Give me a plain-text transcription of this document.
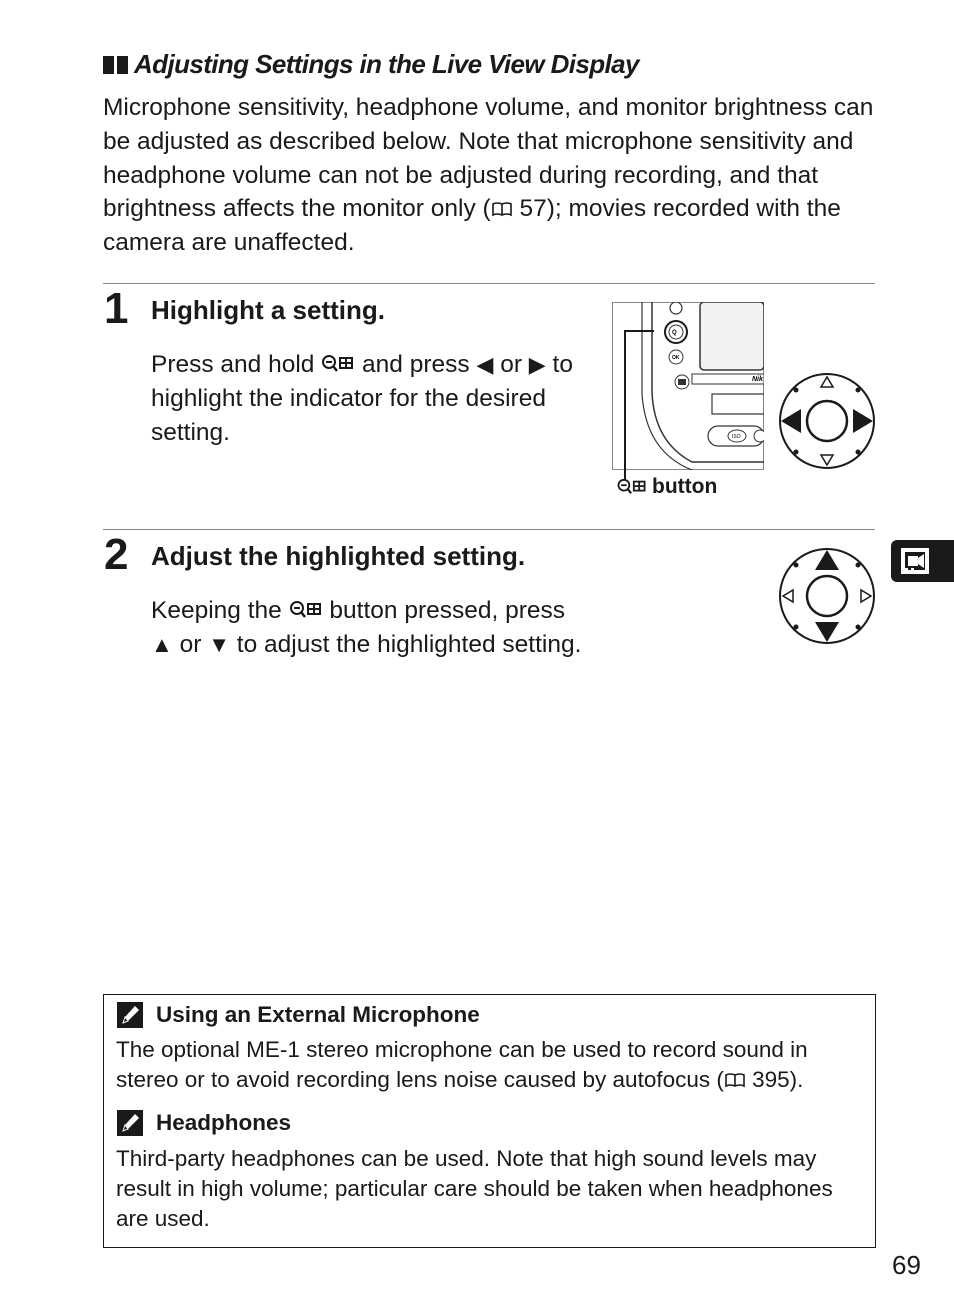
Adjusting Settings in the Live View Display

Microphone sensitivity, headphone volume, and monitor brightness can be adjusted as described below. Note that microphone sensitivity and headphone volume can not be adjusted during recording, and that brightness affects the monitor only ( 57); movies recorded with the camera are unaffected.

1 Highlight a setting.

Press and hold  and press ◀ or ▶ to highlight the indicator for the desired setting.

Nik
ISO
Q
OK
button
2 Adjust the highlighted setting.

Keeping the  button pressed, press
▲ or ▼ to adjust the highlighted setting.

Using an External Microphone

The optional ME-1 stereo microphone can be used to record sound in stereo or to avoid recording lens noise caused by autofocus ( 395).

Headphones

Third-party headphones can be used. Note that high sound levels may result in high volume; particular care should be taken when headphones are used.

69
